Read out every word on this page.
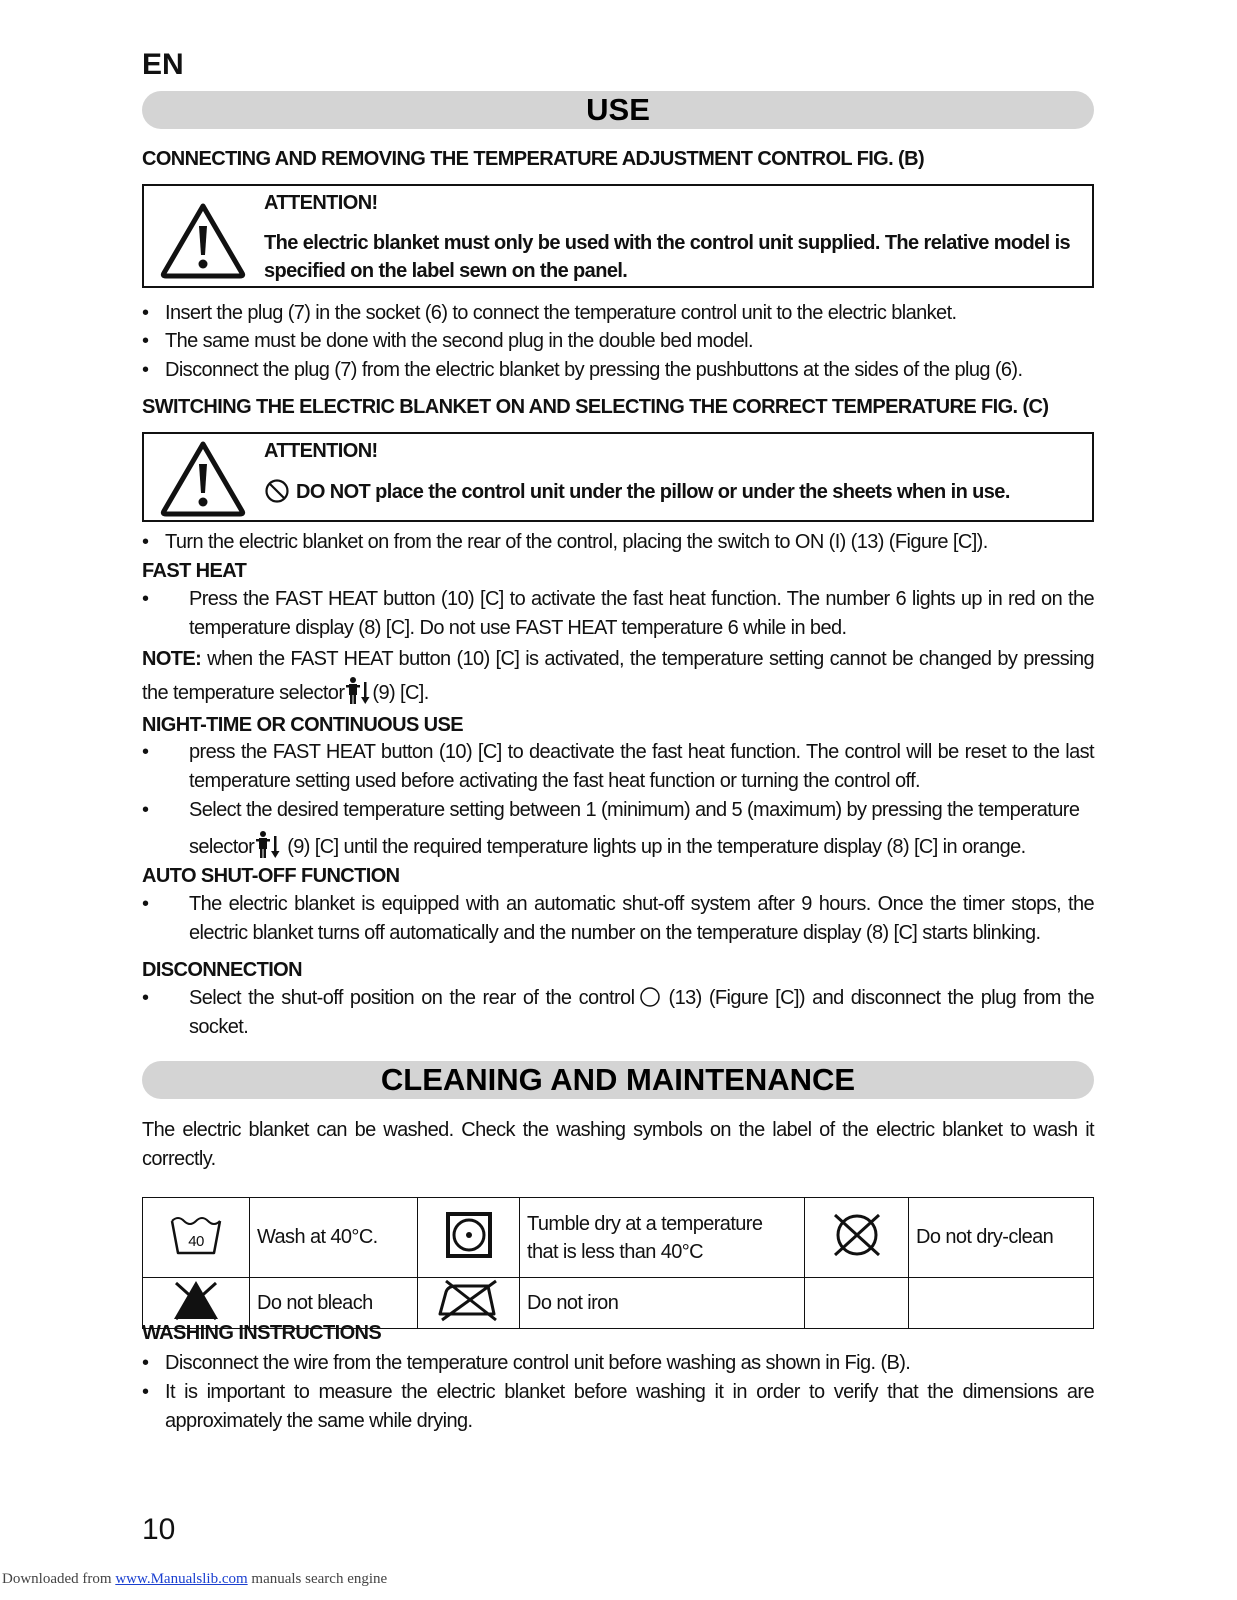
EN
USE
CONNECTING AND REMOVING THE TEMPERATURE ADJUSTMENT CONTROL FIG. (B)
ATTENTION!
The electric blanket must only be used with the control unit supplied. The relative model is specified on the label sewn on the panel.
• Insert the plug (7) in the socket (6) to connect the temperature control unit to the electric blanket.
• The same must be done with the second plug in the double bed model.
• Disconnect the plug (7) from the electric blanket by pressing the pushbuttons at the sides of the plug (6).
SWITCHING THE ELECTRIC BLANKET ON AND SELECTING THE CORRECT TEMPERATURE FIG. (C)
ATTENTION!
DO NOT place the control unit under the pillow or under the sheets when in use.
• Turn the electric blanket on from the rear of the control, placing the switch to ON (I) (13) (Figure [C]).
FAST HEAT
• Press the FAST HEAT button (10) [C] to activate the fast heat function. The number 6 lights up in red on the temperature display (8) [C]. Do not use FAST HEAT temperature 6 while in bed.
NOTE: when the FAST HEAT button (10) [C] is activated, the temperature setting cannot be changed by pressing the temperature selector (9) [C].
NIGHT-TIME OR CONTINUOUS USE
• press the FAST HEAT button (10) [C] to deactivate the fast heat function. The control will be reset to the last temperature setting used before activating the fast heat function or turning the control off.
• Select the desired temperature setting between 1 (minimum) and 5 (maximum) by pressing the temperature
selector (9) [C] until the required temperature lights up in the temperature display (8) [C] in orange.
AUTO SHUT-OFF FUNCTION
• The electric blanket is equipped with an automatic shut-off system after 9 hours. Once the timer stops, the electric blanket turns off automatically and the number on the temperature display (8) [C] starts blinking.
DISCONNECTION
• Select the shut-off position on the rear of the control (13) (Figure [C]) and disconnect the plug from the socket.
CLEANING AND MAINTENANCE
The electric blanket can be washed. Check the washing symbols on the label of the electric blanket to wash it correctly.
40	Wash at 40°C.		Tumble dry at a temperature that is less than 40°C		Do not dry-clean
	Do not bleach		Do not iron		
WASHING INSTRUCTIONS
• Disconnect the wire from the temperature control unit before washing as shown in Fig. (B).
• It is important to measure the electric blanket before washing it in order to verify that the dimensions are approximately the same while drying.
10
Downloaded from www.Manualslib.com manuals search engine
